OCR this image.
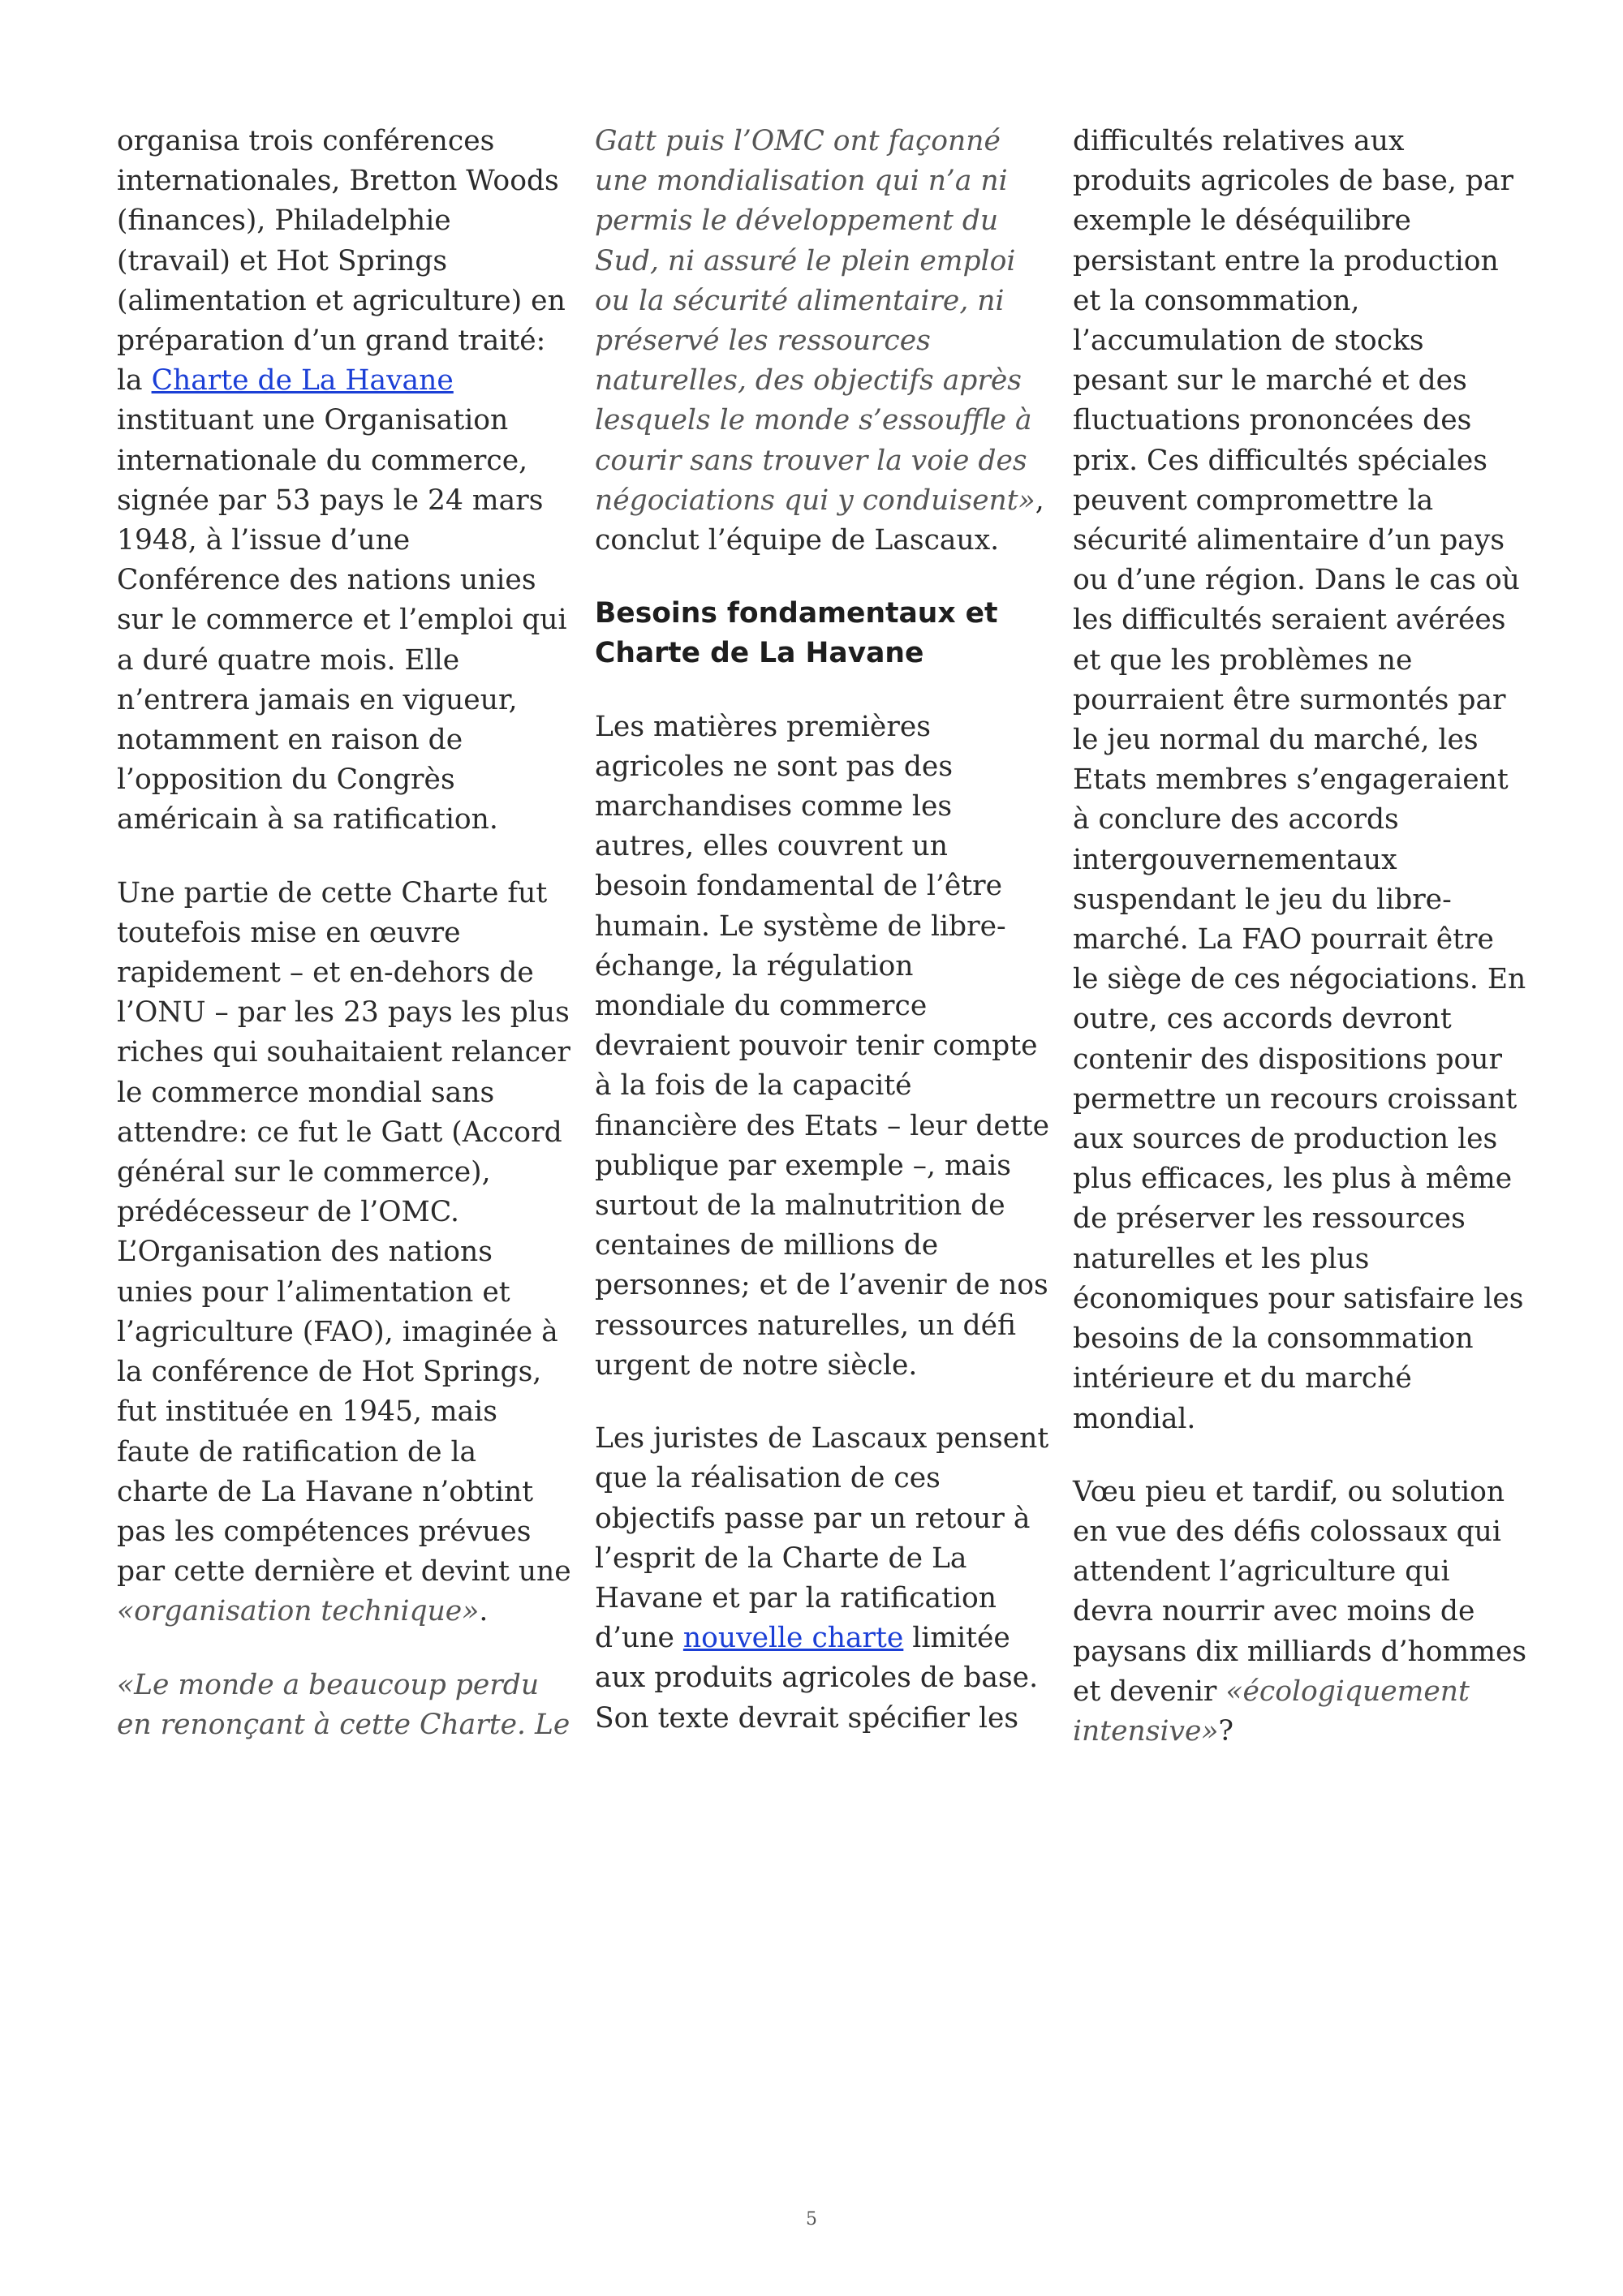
organisa trois conférences internationales, Bretton Woods (finances), Philadelphie (travail) et Hot Springs (alimentation et agriculture) en préparation d’un grand traité: la Charte de La Havane instituant une Organisation internationale du commerce, signée par 53 pays le 24 mars 1948, à l’issue d’une Conférence des nations unies sur le commerce et l’emploi qui a duré quatre mois. Elle n’entrera jamais en vigueur, notamment en raison de l’opposition du Congrès américain à sa ratification.

Une partie de cette Charte fut toutefois mise en œuvre rapidement – et en-dehors de l’ONU – par les 23 pays les plus riches qui souhaitaient relancer le commerce mondial sans attendre: ce fut le Gatt (Accord général sur le commerce), prédécesseur de l’OMC. L’Organisation des nations unies pour l’alimentation et l’agriculture (FAO), imaginée à la conférence de Hot Springs, fut instituée en 1945, mais faute de ratification de la charte de La Havane n’obtint pas les compétences prévues par cette dernière et devint une «organisation technique».

«Le monde a beaucoup perdu en renonçant à cette Charte. Le

Gatt puis l’OMC ont façonné une mondialisation qui n’a ni permis le développement du Sud, ni assuré le plein emploi ou la sécurité alimentaire, ni préservé les ressources naturelles, des objectifs après lesquels le monde s’essouffle à courir sans trouver la voie des négociations qui y conduisent», conclut l’équipe de Lascaux.

Besoins fondamentaux et Charte de La Havane

Les matières premières agricoles ne sont pas des marchandises comme les autres, elles couvrent un besoin fondamental de l’être humain. Le système de libre-échange, la régulation mondiale du commerce devraient pouvoir tenir compte à la fois de la capacité financière des Etats – leur dette publique par exemple –, mais surtout de la malnutrition de centaines de millions de personnes; et de l’avenir de nos ressources naturelles, un défi urgent de notre siècle.

Les juristes de Lascaux pensent que la réalisation de ces objectifs passe par un retour à l’esprit de la Charte de La Havane et par la ratification d’une nouvelle charte limitée aux produits agricoles de base. Son texte devrait spécifier les

difficultés relatives aux produits agricoles de base, par exemple le déséquilibre persistant entre la production et la consommation, l’accumulation de stocks pesant sur le marché et des fluctuations prononcées des prix. Ces difficultés spéciales peuvent compromettre la sécurité alimentaire d’un pays ou d’une région. Dans le cas où les difficultés seraient avérées et que les problèmes ne pourraient être surmontés par le jeu normal du marché, les Etats membres s’engageraient à conclure des accords intergouvernementaux suspendant le jeu du libre-marché. La FAO pourrait être le siège de ces négociations. En outre, ces accords devront contenir des dispositions pour permettre un recours croissant aux sources de production les plus efficaces, les plus à même de préserver les ressources naturelles et les plus économiques pour satisfaire les besoins de la consommation intérieure et du marché mondial.

Vœu pieu et tardif, ou solution en vue des défis colossaux qui attendent l’agriculture qui devra nourrir avec moins de paysans dix milliards d’hommes et devenir «écologiquement intensive»?

5
